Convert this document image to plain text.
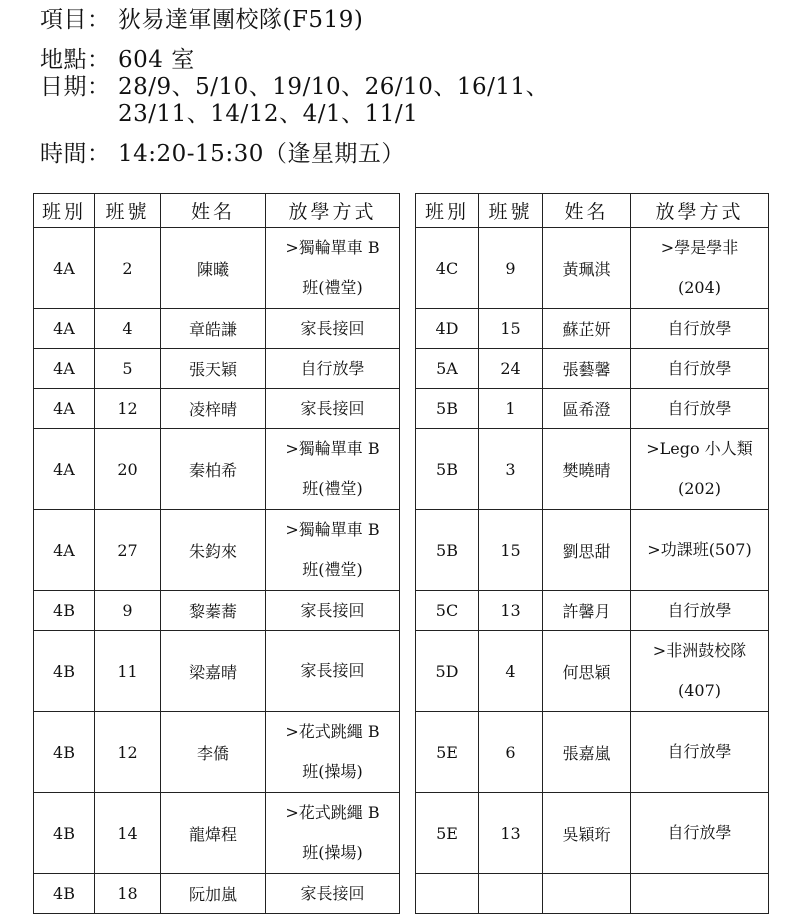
項目： 狄易達軍團校隊(F519)
地點： 604 室
日期： 28/9、5/10、19/10、26/10、16/11、
23/11、14/12、4/1、11/1
時間： 14:20-15:30（逢星期五）
班別	班號	姓名	放學方式
4A	2	陳曦	>獨輪單車 B
班(禮堂)

4A	4	章皓謙	家長接回

4A	5	張天穎	自行放學

4A	12	凌梓晴	家長接回

4A	20	秦柏希	>獨輪單車 B
班(禮堂)

4A	27	朱鈞來	>獨輪單車 B
班(禮堂)

4B	9	黎蓁蕎	家長接回

4B	11	梁嘉晴	家長接回

4B	12	李僑	>花式跳繩 B
班(操場)

4B	14	龍煒程	>花式跳繩 B
班(操場)

4B	18	阮加嵐	家長接回
班別	班號	姓名	放學方式
4C	9	黃珮淇	>學是學非
(204)

4D	15	蘇芷妍	自行放學

5A	24	張藝馨	自行放學

5B	1	區希澄	自行放學

5B	3	樊曉晴	>Lego 小人類
(202)

5B	15	劉思甜	>功課班(507)

5C	13	許馨月	自行放學

5D	4	何思穎	>非洲鼓校隊
(407)

5E	6	張嘉嵐	自行放學

5E	13	吳穎珩	自行放學
